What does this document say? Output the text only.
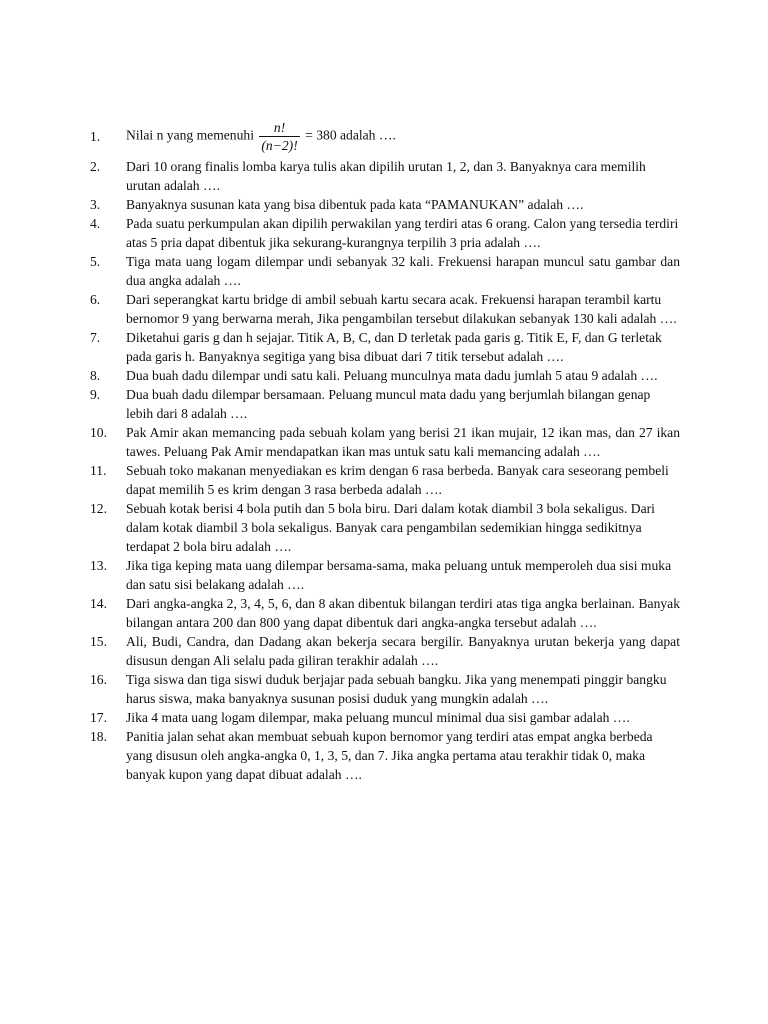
1.	Nilai n yang memenuhi $\frac{n!}{(n-2)!} = 380$ adalah ….
2.	Dari 10 orang finalis lomba karya tulis akan dipilih urutan 1, 2, dan 3. Banyaknya cara memilih urutan adalah ….
3.	Banyaknya susunan kata yang bisa dibentuk pada kata “PAMANUKAN” adalah ….
4.	Pada suatu perkumpulan akan dipilih perwakilan yang terdiri atas 6 orang. Calon yang tersedia terdiri atas 5 pria dapat dibentuk jika sekurang-kurangnya terpilih 3 pria adalah ….
5.	Tiga mata uang logam dilempar undi sebanyak 32 kali. Frekuensi harapan muncul satu gambar dan dua angka adalah ….
6.	Dari seperangkat kartu bridge di ambil sebuah kartu secara acak. Frekuensi harapan terambil kartu bernomor 9 yang berwarna merah, Jika pengambilan tersebut dilakukan sebanyak 130 kali adalah ….
7.	Diketahui garis g dan h sejajar. Titik A, B, C, dan D terletak pada garis g. Titik E, F, dan G terletak pada garis h. Banyaknya segitiga yang bisa dibuat dari 7 titik tersebut adalah ….
8.	Dua buah dadu dilempar undi satu kali. Peluang munculnya mata dadu jumlah 5 atau 9 adalah ….
9.	Dua buah dadu dilempar bersamaan. Peluang muncul mata dadu yang berjumlah bilangan genap lebih dari 8 adalah ….
10.	Pak Amir akan memancing pada sebuah kolam yang berisi 21 ikan mujair, 12 ikan mas, dan 27 ikan tawes. Peluang Pak Amir mendapatkan ikan mas untuk satu kali memancing adalah ….
11.	Sebuah toko makanan menyediakan es krim dengan 6 rasa berbeda. Banyak cara seseorang pembeli dapat memilih 5 es krim dengan 3 rasa berbeda adalah ….
12.	Sebuah kotak berisi 4 bola putih dan 5 bola biru. Dari dalam kotak diambil 3 bola sekaligus. Dari dalam kotak diambil 3 bola sekaligus. Banyak cara pengambilan sedemikian hingga sedikitnya terdapat 2 bola biru adalah ….
13.	Jika tiga keping mata uang dilempar bersama-sama, maka peluang untuk memperoleh dua sisi muka dan satu sisi belakang adalah ….
14.	Dari angka-angka 2, 3, 4, 5, 6, dan 8 akan dibentuk bilangan terdiri atas tiga angka berlainan. Banyak bilangan antara 200 dan 800 yang dapat dibentuk dari angka-angka tersebut adalah ….
15.	Ali, Budi, Candra, dan Dadang akan bekerja secara bergilir. Banyaknya urutan bekerja yang dapat disusun dengan Ali selalu pada giliran terakhir adalah ….
16.	Tiga siswa dan tiga siswi duduk berjajar pada sebuah bangku. Jika yang menempati pinggir bangku harus siswa, maka banyaknya susunan posisi duduk yang mungkin adalah ….
17.	Jika 4 mata uang logam dilempar, maka peluang muncul minimal dua sisi gambar adalah ….
18.	Panitia jalan sehat akan membuat sebuah kupon bernomor yang terdiri atas empat angka berbeda yang disusun oleh angka-angka 0, 1, 3, 5, dan 7. Jika angka pertama atau terakhir tidak 0, maka banyak kupon yang dapat dibuat adalah ….
